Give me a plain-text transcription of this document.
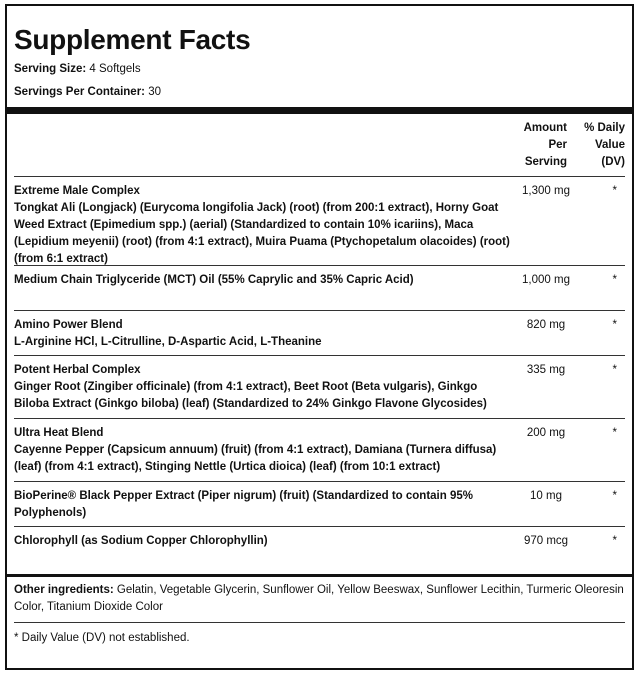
Supplement Facts
Serving Size: 4 Softgels
Servings Per Container: 30
Amount Per Serving
% Daily Value (DV)
Extreme Male Complex
Tongkat Ali (Longjack) (Eurycoma longifolia Jack) (root) (from 200:1 extract), Horny Goat Weed Extract (Epimedium spp.) (aerial) (Standardized to contain 10% icariins), Maca (Lepidium meyenii) (root) (from 4:1 extract), Muira Puama (Ptychopetalum olacoides) (root) (from 6:1 extract)
1,300 mg	*
Medium Chain Triglyceride (MCT) Oil (55% Caprylic and 35% Capric Acid)	1,000 mg	*
Amino Power Blend
L-Arginine HCl, L-Citrulline, D-Aspartic Acid, L-Theanine
820 mg	*
Potent Herbal Complex
Ginger Root (Zingiber officinale) (from 4:1 extract), Beet Root (Beta vulgaris), Ginkgo Biloba Extract (Ginkgo biloba) (leaf) (Standardized to 24% Ginkgo Flavone Glycosides)
335 mg	*
Ultra Heat Blend
Cayenne Pepper (Capsicum annuum) (fruit) (from 4:1 extract), Damiana (Turnera diffusa) (leaf) (from 4:1 extract), Stinging Nettle (Urtica dioica) (leaf) (from 10:1 extract)
200 mg	*
BioPerine® Black Pepper Extract (Piper nigrum) (fruit) (Standardized to contain 95% Polyphenols)
10 mg	*
Chlorophyll (as Sodium Copper Chlorophyllin)	970 mcg	*
Other ingredients: Gelatin, Vegetable Glycerin, Sunflower Oil, Yellow Beeswax, Sunflower Lecithin, Turmeric Oleoresin Color, Titanium Dioxide Color
* Daily Value (DV) not established.
